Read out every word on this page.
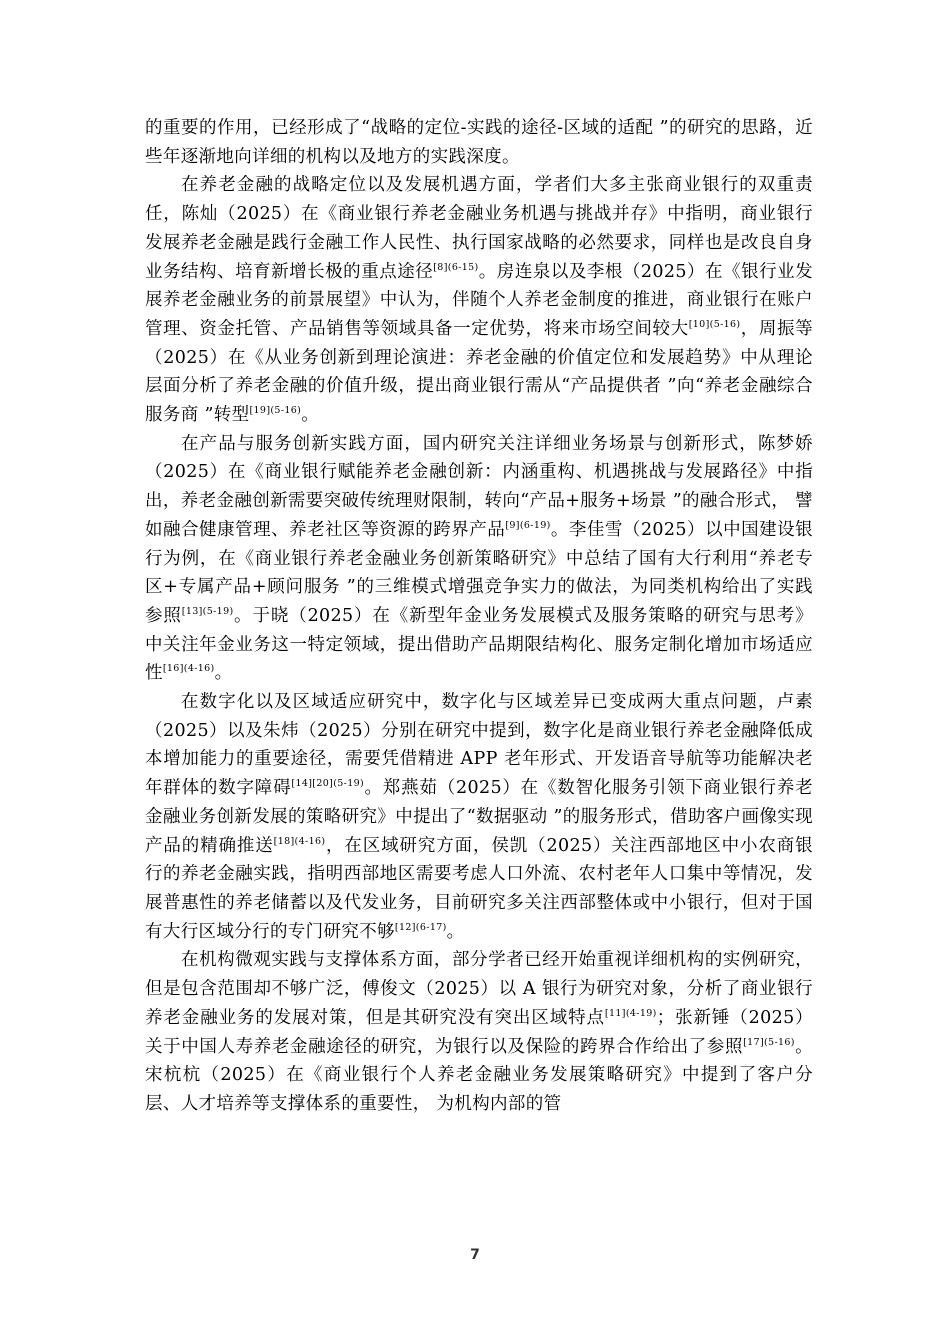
的重要的作用，已经形成了“战略的定位-实践的途径-区域的适配 ”的研究的思路，近些年逐渐地向详细的机构以及地方的实践深度。

在养老金融的战略定位以及发展机遇方面，学者们大多主张商业银行的双重责任，陈灿（2025）在《商业银行养老金融业务机遇与挑战并存》中指明，商业银行发展养老金融是践行金融工作人民性、执行国家战略的必然要求，同样也是改良自身业务结构、培育新增长极的重点途径$^{[8](6-15)}$。房连泉以及李根（2025）在《银行业发展养老金融业务的前景展望》中认为，伴随个人养老金制度的推进，商业银行在账户管理、资金托管、产品销售等领域具备一定优势，将来市场空间较大$^{[10](5-16)}$，周振等（2025）在《从业务创新到理论演进：养老金融的价值定位和发展趋势》中从理论层面分析了养老金融的价值升级，提出商业银行需从“产品提供者 ”向“养老金融综合服务商 ”转型$^{[19](5-16)}$。

在产品与服务创新实践方面，国内研究关注详细业务场景与创新形式，陈梦娇（2025）在《商业银行赋能养老金融创新：内涵重构、机遇挑战与发展路径》中指出，养老金融创新需要突破传统理财限制，转向“产品+服务+场景 ”的融合形式， 譬如融合健康管理、养老社区等资源的跨界产品$^{[9](6-19)}$。李佳雪（2025）以中国建设银行为例，在《商业银行养老金融业务创新策略研究》中总结了国有大行利用“养老专区+专属产品+顾问服务 ”的三维模式增强竞争实力的做法，为同类机构给出了实践参照$^{[13](5-19)}$。于晓（2025）在《新型年金业务发展模式及服务策略的研究与思考》中关注年金业务这一特定领域，提出借助产品期限结构化、服务定制化增加市场适应性$^{[16](4-16)}$。

在数字化以及区域适应研究中，数字化与区域差异已变成两大重点问题，卢素（2025）以及朱炜（2025）分别在研究中提到，数字化是商业银行养老金融降低成本增加能力的重要途径，需要凭借精进 APP 老年形式、开发语音导航等功能解决老年群体的数字障碍$^{[14][20](5-19)}$。郑燕茹（2025）在《数智化服务引领下商业银行养老金融业务创新发展的策略研究》中提出了“数据驱动 ”的服务形式，借助客户画像实现产品的精确推送$^{[18](4-16)}$，在区域研究方面，侯凯（2025）关注西部地区中小农商银行的养老金融实践，指明西部地区需要考虑人口外流、农村老年人口集中等情况，发展普惠性的养老储蓄以及代发业务，目前研究多关注西部整体或中小银行，但对于国有大行区域分行的专门研究不够$^{[12](6-17)}$。

在机构微观实践与支撑体系方面，部分学者已经开始重视详细机构的实例研究，但是包含范围却不够广泛，傅俊文（2025）以 A 银行为研究对象，分析了商业银行养老金融业务的发展对策，但是其研究没有突出区域特点$^{[11](4-19)}$；张新锤（2025）关于中国人寿养老金融途径的研究，为银行以及保险的跨界合作给出了参照$^{[17](5-16)}$。宋杭杭（2025）在《商业银行个人养老金融业务发展策略研究》中提到了客户分层、人才培养等支撑体系的重要性， 为机构内部的管

7
